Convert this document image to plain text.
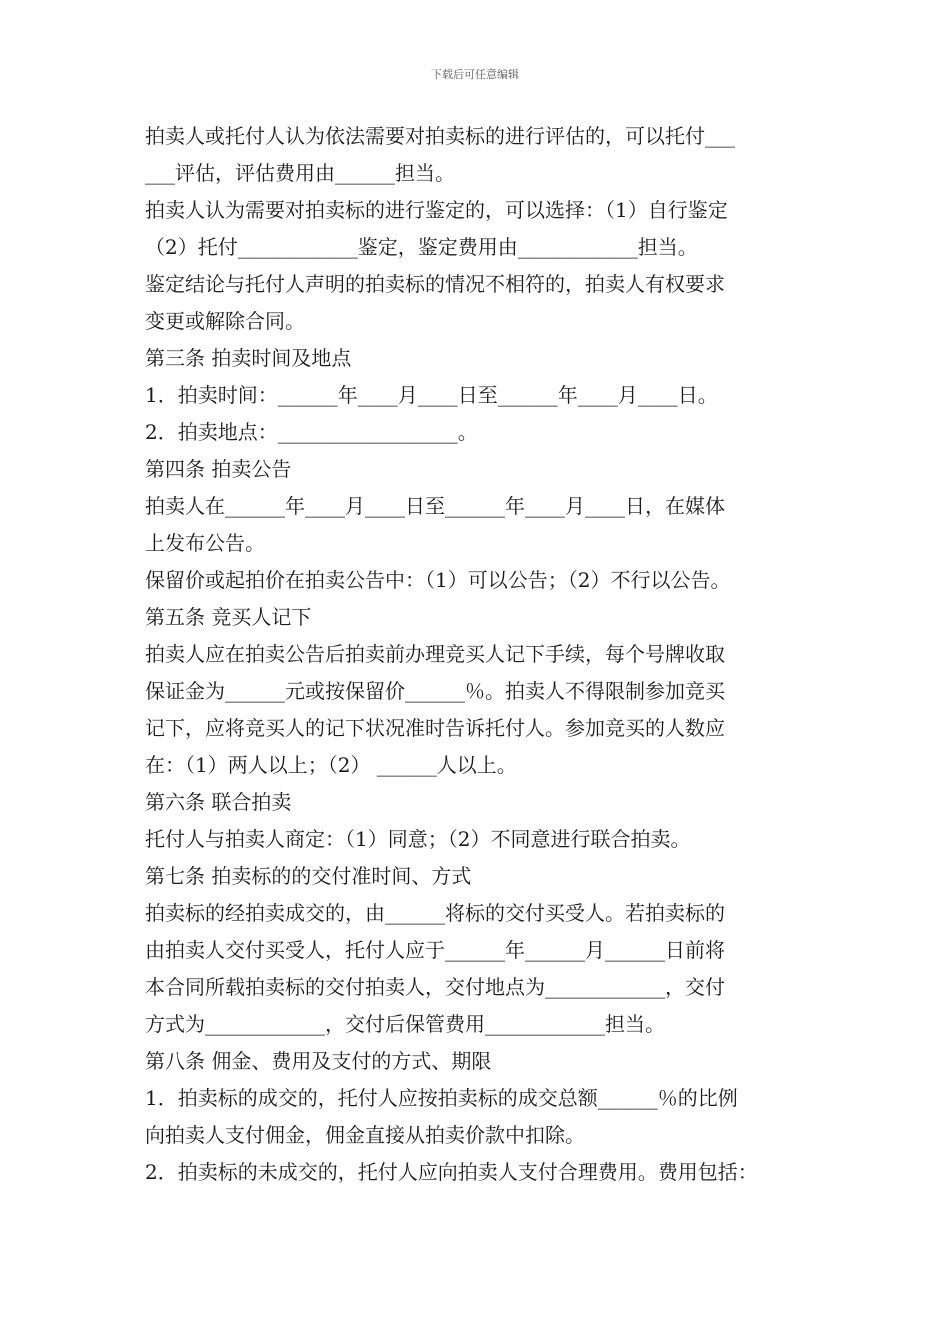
下载后可任意编辑
拍卖人或托付人认为依法需要对拍卖标的进行评估的，可以托付___
___评估，评估费用由______担当。
拍卖人认为需要对拍卖标的进行鉴定的，可以选择：（1）自行鉴定
（2）托付____________鉴定，鉴定费用由____________担当。
鉴定结论与托付人声明的拍卖标的情况不相符的，拍卖人有权要求
变更或解除合同。
第三条 拍卖时间及地点
1．拍卖时间：______年____月____日至______年____月____日。
2．拍卖地点：__________________。
第四条 拍卖公告
拍卖人在______年____月____日至______年____月____日，在媒体
上发布公告。
保留价或起拍价在拍卖公告中：（1）可以公告；（2）不行以公告。
第五条 竞买人记下
拍卖人应在拍卖公告后拍卖前办理竞买人记下手续，每个号牌收取
保证金为______元或按保留价______％。拍卖人不得限制参加竞买
记下，应将竞买人的记下状况准时告诉托付人。参加竞买的人数应
在：（1）两人以上；（2） ______人以上。
第六条 联合拍卖
托付人与拍卖人商定：（1）同意；（2）不同意进行联合拍卖。
第七条 拍卖标的的交付准时间、方式
拍卖标的经拍卖成交的，由______将标的交付买受人。若拍卖标的
由拍卖人交付买受人，托付人应于______年______月______日前将
本合同所载拍卖标的交付拍卖人，交付地点为____________，交付
方式为____________，交付后保管费用____________担当。
第八条 佣金、费用及支付的方式、期限
1．拍卖标的成交的，托付人应按拍卖标的成交总额______％的比例
向拍卖人支付佣金，佣金直接从拍卖价款中扣除。
2．拍卖标的未成交的，托付人应向拍卖人支付合理费用。费用包括：
